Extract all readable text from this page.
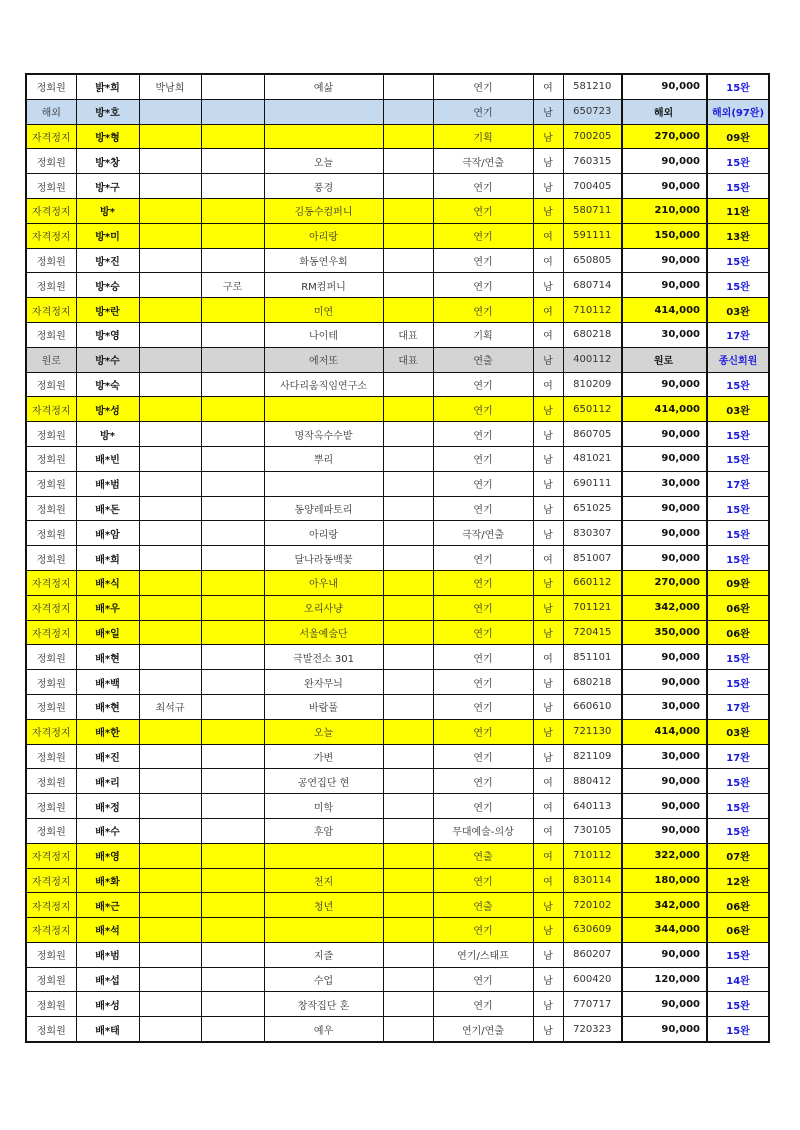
정회원	밝*희	박남희		예삶		연기	여	581210	90,000	15완
해외	방*호					연기	남	650723	해외	해외(97완)
자격정지	방*형					기획	남	700205	270,000	09완
정회원	방*창			오늘		극작/연출	남	760315	90,000	15완
정회원	방*구			풍경		연기	남	700405	90,000	15완
자격정지	방*			김동수컴퍼니		연기	남	580711	210,000	11완
자격정지	방*미			아리랑		연기	여	591111	150,000	13완
정회원	방*진			화동연우회		연기	여	650805	90,000	15완
정회원	방*승		구로	RM컴퍼니		연기	남	680714	90,000	15완
자격정지	방*란			미연		연기	여	710112	414,000	03완
정회원	방*영			나이테	대표	기획	여	680218	30,000	17완
원로	방*수			에저또	대표	연출	남	400112	원로	종신회원
정회원	방*숙			사다리움직임연구소		연기	여	810209	90,000	15완
자격정지	방*성					연기	남	650112	414,000	03완
정회원	방*			명작옥수수밭		연기	남	860705	90,000	15완
정회원	배*빈			뿌리		연기	남	481021	90,000	15완
정회원	배*범					연기	남	690111	30,000	17완
정회원	배*돈			동양레파토리		연기	남	651025	90,000	15완
정회원	배*암			아리랑		극작/연출	남	830307	90,000	15완
정회원	배*희			달나라동백꽃		연기	여	851007	90,000	15완
자격정지	배*식			아우내		연기	남	660112	270,000	09완
자격정지	배*우			오리사냥		연기	남	701121	342,000	06완
자격정지	배*일			서울예술단		연기	남	720415	350,000	06완
정회원	배*현			극발전소 301		연기	여	851101	90,000	15완
정회원	배*백			완자무늬		연기	남	680218	90,000	15완
정회원	배*현	최석규		바람풀		연기	남	660610	30,000	17완
자격정지	배*한			오늘		연기	남	721130	414,000	03완
정회원	배*진			가변		연기	남	821109	30,000	17완
정회원	배*리			공연집단 현		연기	여	880412	90,000	15완
정회원	배*정			미학		연기	여	640113	90,000	15완
정회원	배*수			후암		무대예술-의상	여	730105	90,000	15완
자격정지	배*영					연출	여	710112	322,000	07완
자격정지	배*화			천지		연기	여	830114	180,000	12완
자격정지	배*근			청년		연출	남	720102	342,000	06완
자격정지	배*석					연기	남	630609	344,000	06완
정회원	배*범			지즐		연기/스태프	남	860207	90,000	15완
정회원	배*섭			수업		연기	남	600420	120,000	14완
정회원	배*성			창작집단 혼		연기	남	770717	90,000	15완
정회원	배*태			예우		연기/연출	남	720323	90,000	15완
